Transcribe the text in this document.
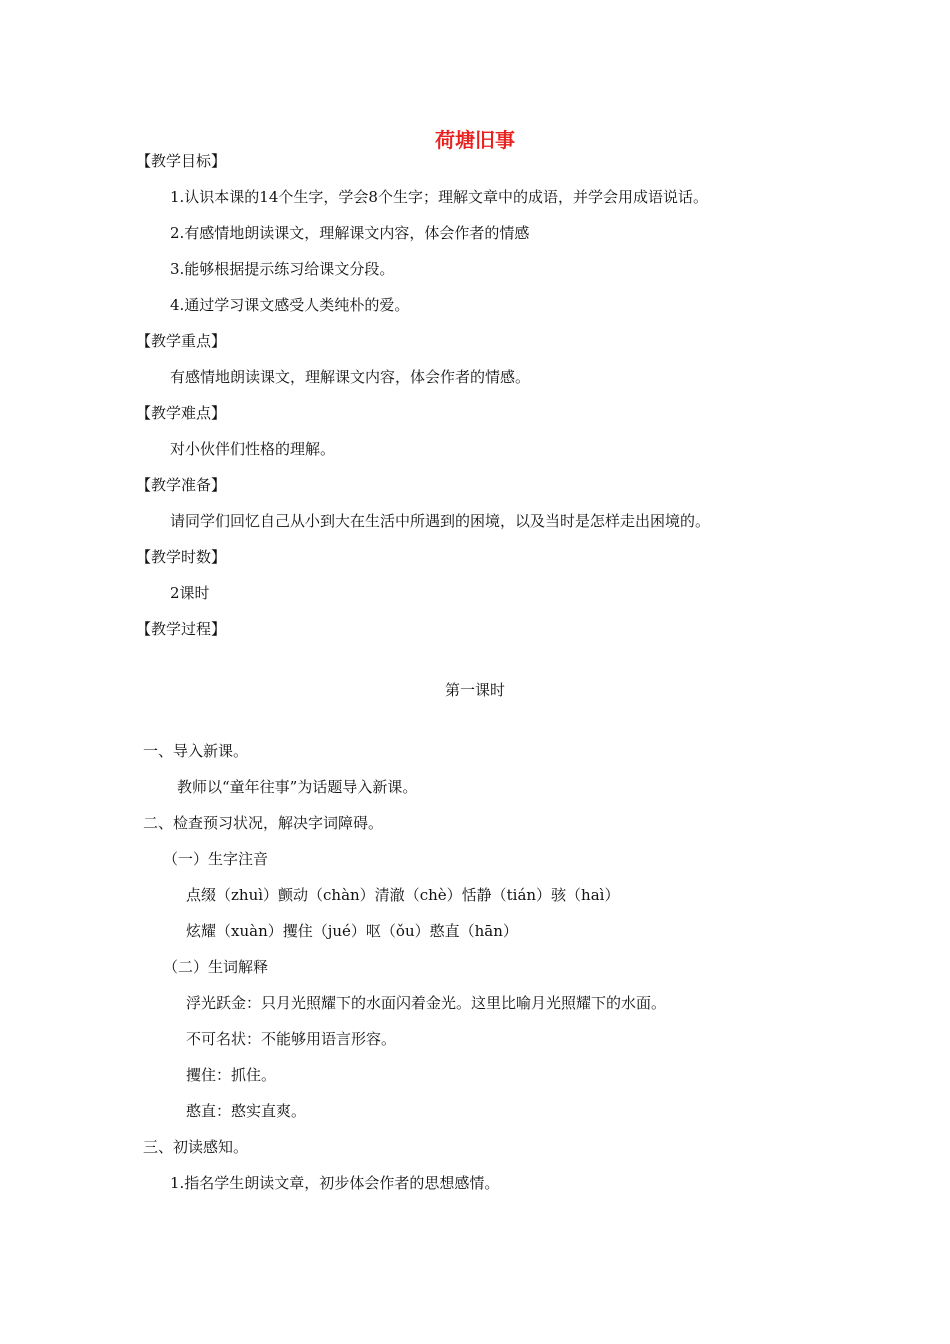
荷塘旧事
【教学目标】
1.认识本课的14个生字，学会8个生字；理解文章中的成语，并学会用成语说话。
2.有感情地朗读课文，理解课文内容，体会作者的情感
3.能够根据提示练习给课文分段。
4.通过学习课文感受人类纯朴的爱。
【教学重点】
有感情地朗读课文，理解课文内容，体会作者的情感。
【教学难点】
对小伙伴们性格的理解。
【教学准备】
请同学们回忆自己从小到大在生活中所遇到的困境，以及当时是怎样走出困境的。
【教学时数】
2课时
【教学过程】
第一课时
一、导入新课。
教师以“童年往事”为话题导入新课。
二、检查预习状况，解决字词障碍。
（一）生字注音
点缀（zhuì）颤动（chàn）清澈（chè）恬静（tián）骇（haì）
炫耀（xuàn）攫住（jué）呕（ǒu）憨直（hān）
（二）生词解释
浮光跃金：只月光照耀下的水面闪着金光。这里比喻月光照耀下的水面。
不可名状：不能够用语言形容。
攫住：抓住。
憨直：憨实直爽。
三、初读感知。
1.指名学生朗读文章，初步体会作者的思想感情。
